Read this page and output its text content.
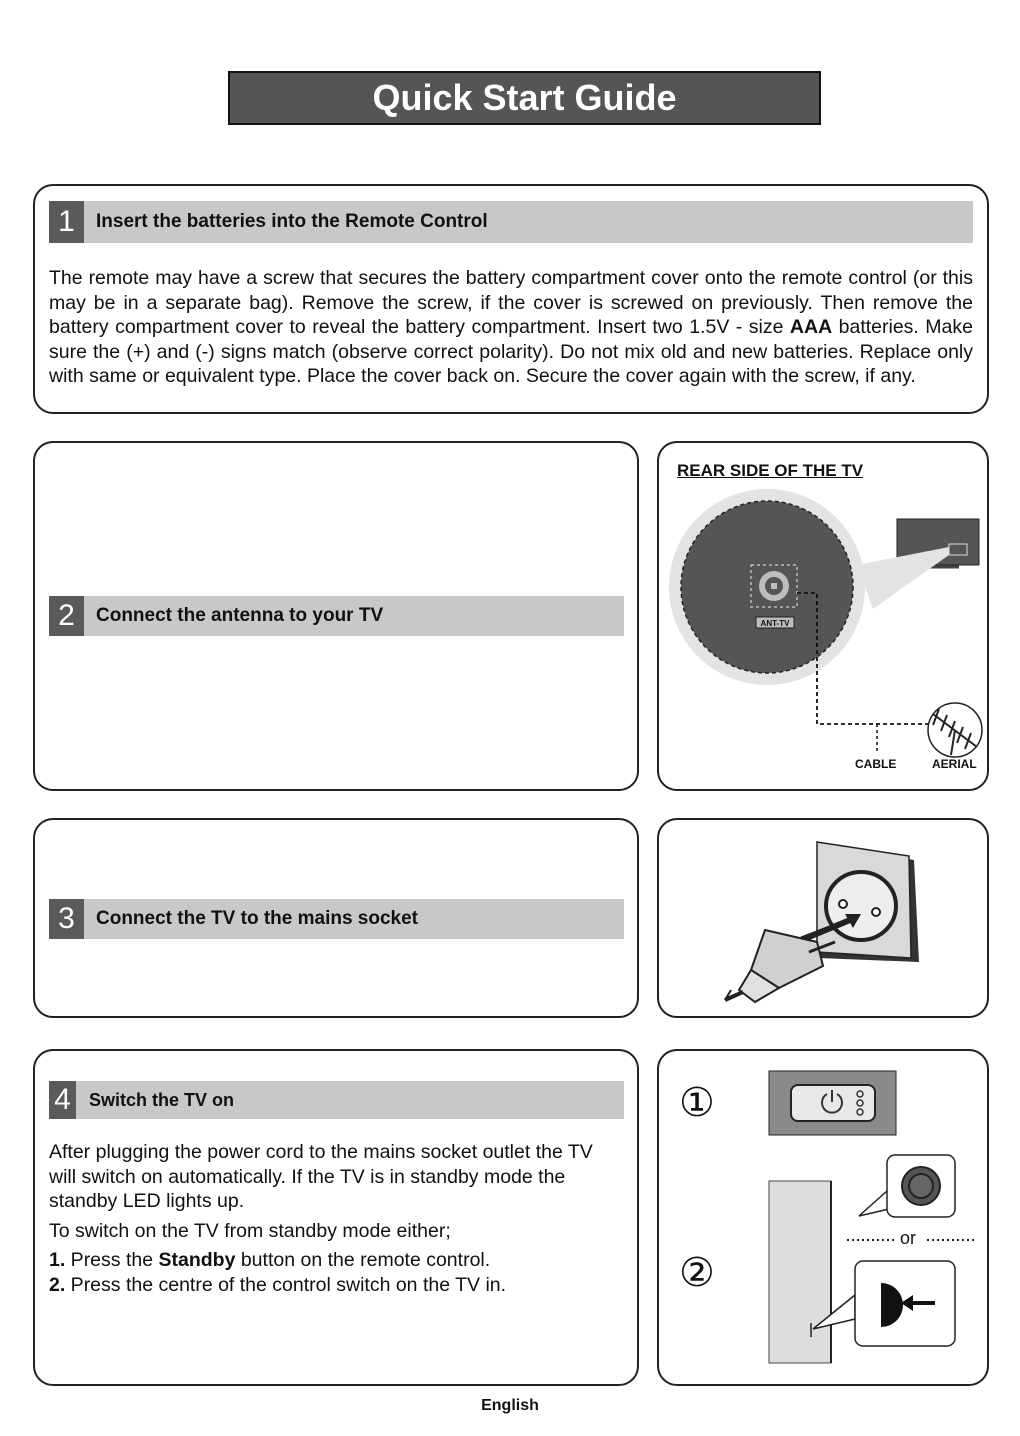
Quick Start Guide
1	Insert the batteries into the Remote Control

The remote may have a screw that secures the battery compartment cover onto the remote control (or this may be in a separate bag). Remove the screw, if the cover is screwed on previously. Then remove the battery compartment cover to reveal the battery compartment. Insert two 1.5V - size AAA batteries. Make sure the (+) and (-) signs match (observe correct polarity). Do not mix old and new batteries. Replace only with same or equivalent type. Place the cover back on. Secure the cover again with the screw, if any.

2	Connect the antenna to your TV
REAR SIDE OF THE TV
ANT-TV
CABLE	AERIAL
3	Connect the TV to the mains socket
4 Switch the TV on

After plugging the power cord to the mains socket outlet the TV will switch on automatically. If the TV is in standby mode the standby LED lights up.

To switch on the TV from standby mode either;

1. Press the Standby button on the remote control.

2. Press the centre of the control switch on the TV in.

①
②
or
English
